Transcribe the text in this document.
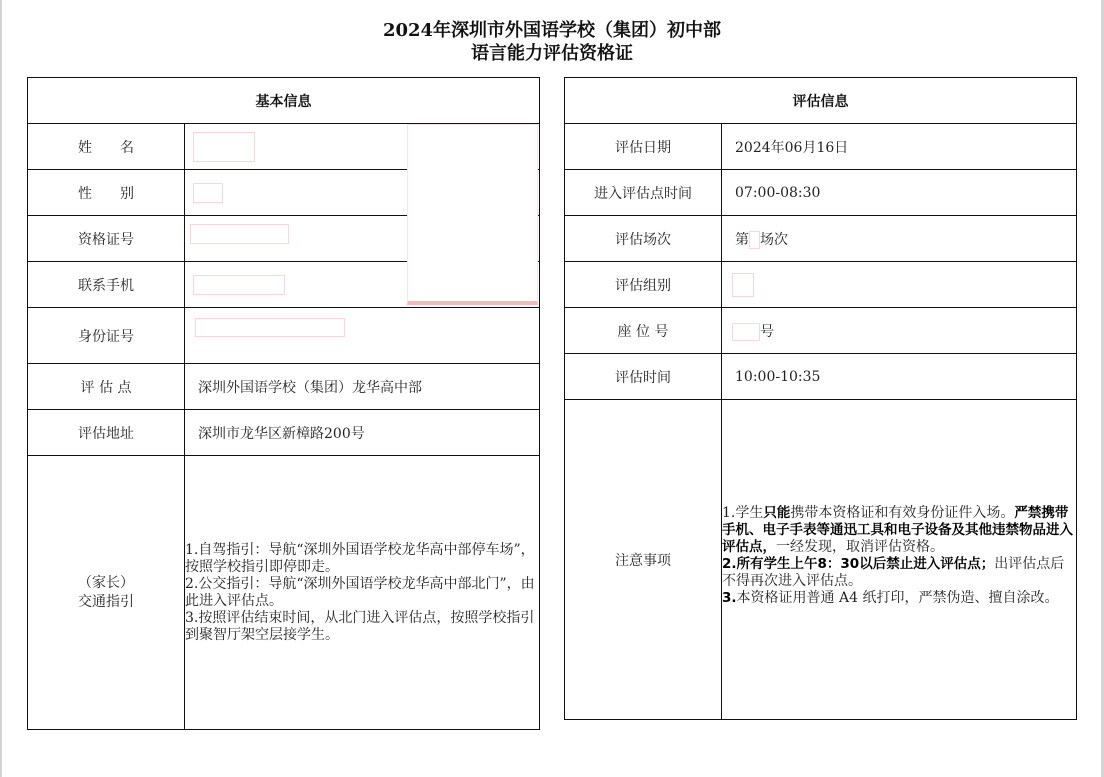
2024年深圳市外国语学校（集团）初中部
语言能力评估资格证
基本信息	
姓　　名	
性　　别	
资格证号	
联系手机	
身份证号	
评 估 点	深圳外国语学校（集团）龙华高中部
评估地址	深圳市龙华区新樟路200号

（家长）
交通指引

1.自驾指引：导航“深圳外国语学校龙华高中部停车场”，按照学校指引即停即走。
2.公交指引：导航“深圳外国语学校龙华高中部北门”，由此进入评估点。
3.按照评估结束时间，从北门进入评估点，按照学校指引到聚智厅架空层接学生。
评估信息	
评估日期	2024年06月16日
进入评估点时间	07:00-08:30
评估场次	第 场次
评估组别	
座 位 号	号
评估时间	10:00-10:35
注意事项	1.学生只能携带本资格证和有效身份证件入场。严禁携带手机、电子手表等通迅工具和电子设备及其他违禁物品进入评估点，一经发现，取消评估资格。
2.所有学生上午8：30以后禁止进入评估点；出评估点后不得再次进入评估点。
3.本资格证用普通 A4 纸打印，严禁伪造、擅自涂改。
